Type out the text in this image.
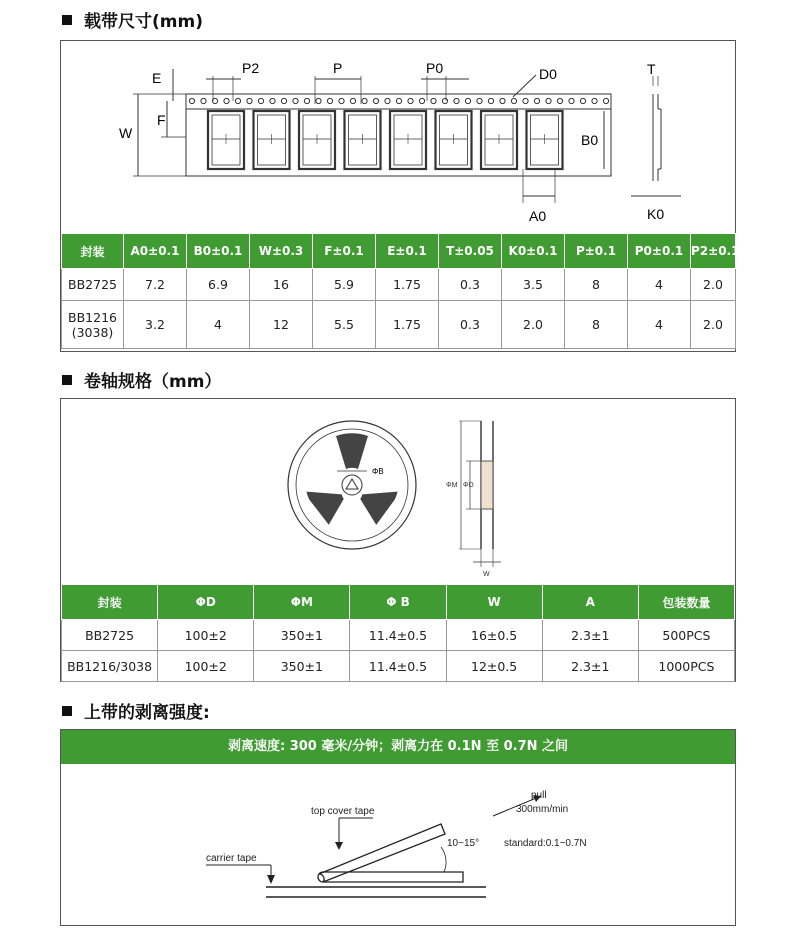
载带尺寸(mm)
W
E
F
P2	P	P0	D0
B0
A0
T
K0
封装	A0±0.1	B0±0.1	W±0.3	F±0.1	E±0.1	T±0.05	K0±0.1	P±0.1	P0±0.1	P2±0.1
BB2725	7.2	6.9	16	5.9	1.75	0.3	3.5	8	4	2.0
BB1216
(3038)	3.2	4	12	5.5	1.75	0.3	2.0	8	4	2.0
卷轴规格（mm）
ΦB
ΦM ΦD
W
封装	ΦD	ΦM	Φ B	W	A	包装数量
BB2725	100±2	350±1	11.4±0.5	16±0.5	2.3±1	500PCS
BB1216/3038	100±2	350±1	11.4±0.5	12±0.5	2.3±1	1000PCS
上带的剥离强度:
剥离速度: 300 毫米/分钟；剥离力在 0.1N 至 0.7N 之间
pull
300mm/min
top cover tape
10~15° standard:0.1~0.7N
carrier tape
